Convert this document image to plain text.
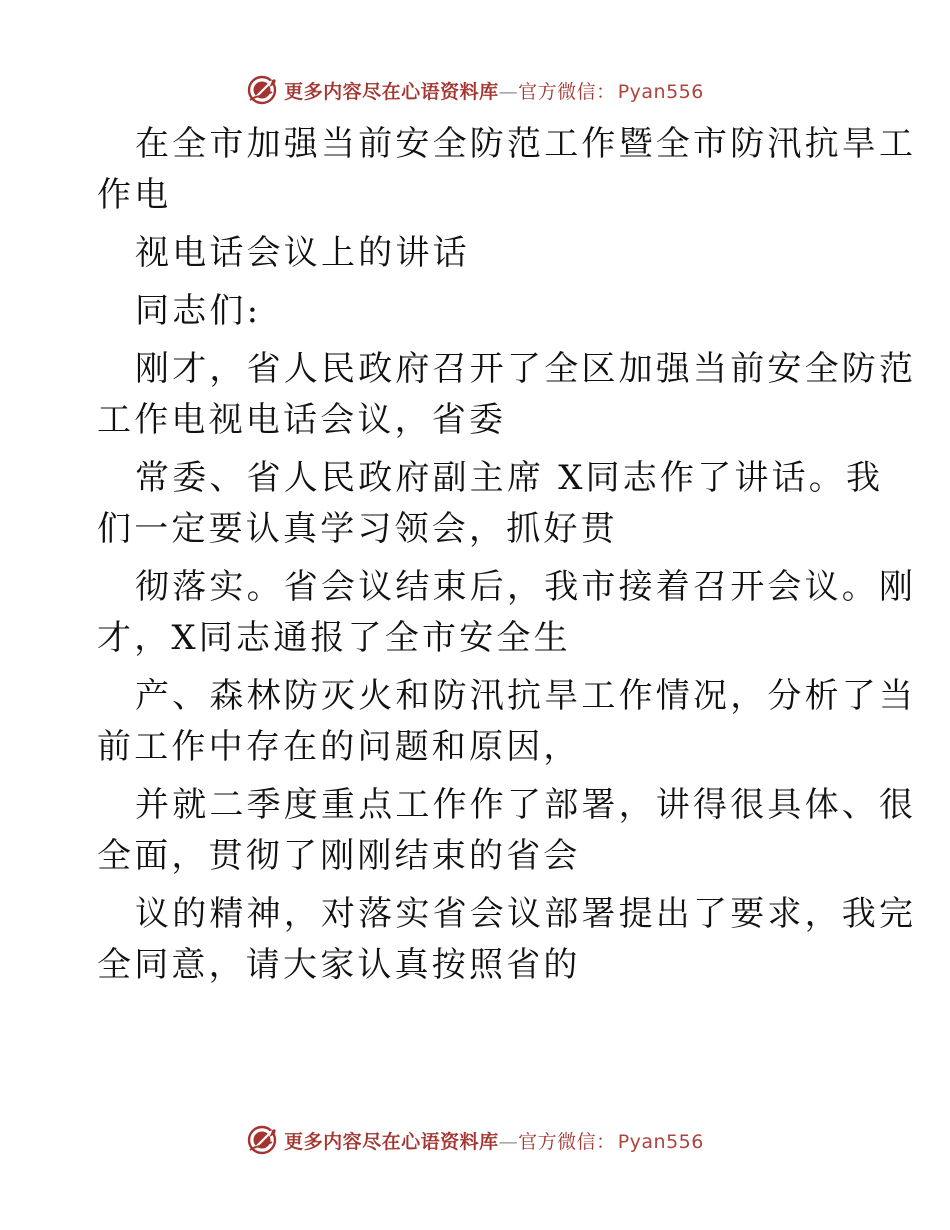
更多内容尽在心语资料库—官方微信： Pyan556
在全市加强当前安全防范工作暨全市防汛抗旱工
作电
视电话会议上的讲话
同志们:
刚才，省人民政府召开了全区加强当前安全防范
工作电视电话会议，省委
常委、省人民政府副主席 X同志作了讲话。我
们一定要认真学习领会，抓好贯
彻落实。省会议结束后，我市接着召开会议。刚
才，X同志通报了全市安全生
产、森林防灭火和防汛抗旱工作情况，分析了当
前工作中存在的问题和原因，
并就二季度重点工作作了部署，讲得很具体、很
全面，贯彻了刚刚结束的省会
议的精神，对落实省会议部署提出了要求，我完
全同意，请大家认真按照省的
更多内容尽在心语资料库—官方微信： Pyan556
